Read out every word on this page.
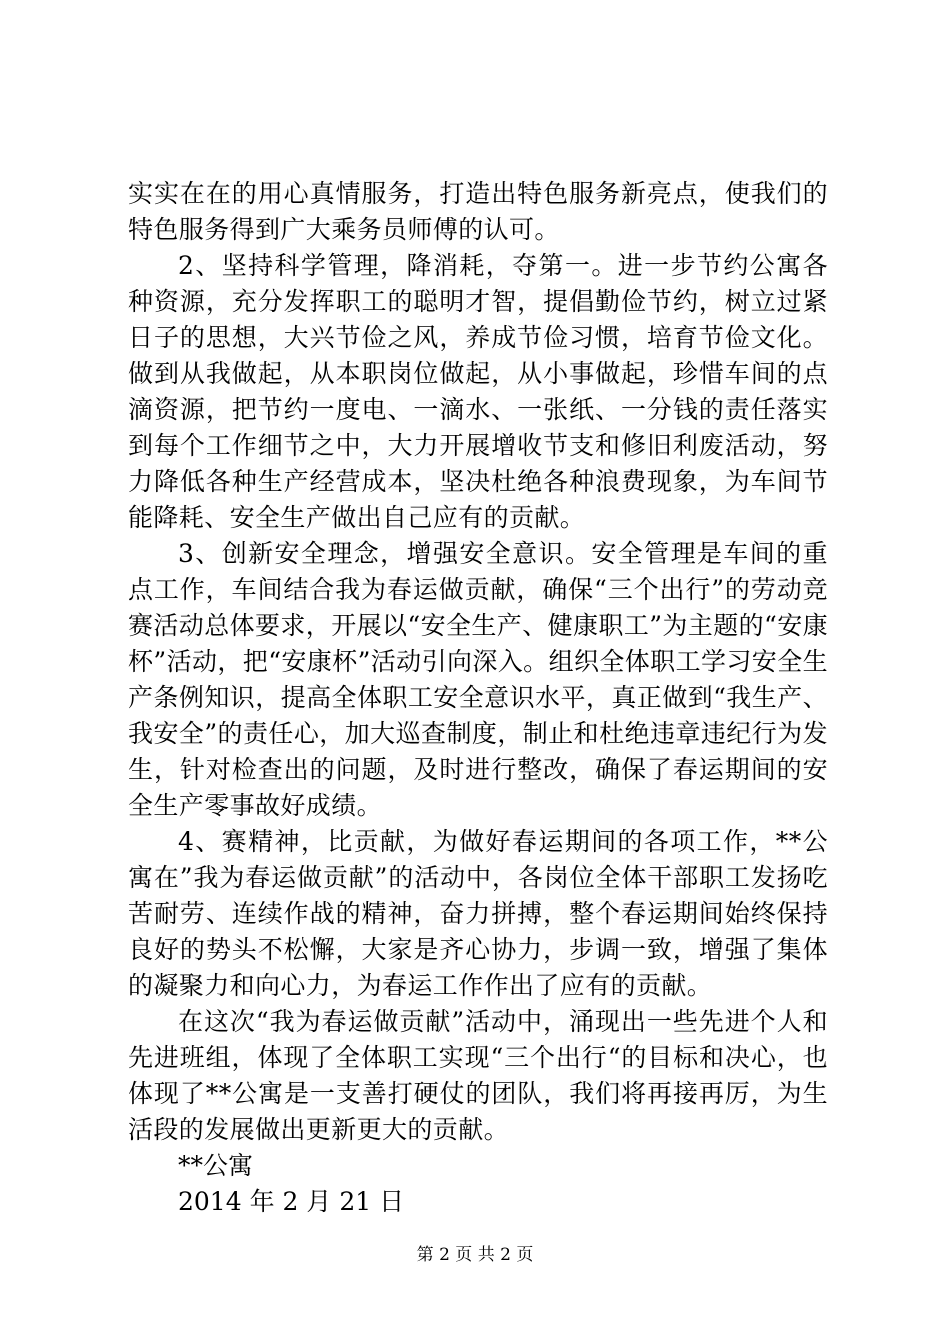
实实在在的用心真情服务，打造出特色服务新亮点，使我们的特色服务得到广大乘务员师傅的认可。

2、坚持科学管理，降消耗，夺第一。进一步节约公寓各种资源，充分发挥职工的聪明才智，提倡勤俭节约，树立过紧日子的思想，大兴节俭之风，养成节俭习惯，培育节俭文化。做到从我做起，从本职岗位做起，从小事做起，珍惜车间的点滴资源，把节约一度电、一滴水、一张纸、一分钱的责任落实到每个工作细节之中，大力开展增收节支和修旧利废活动，努力降低各种生产经营成本，坚决杜绝各种浪费现象，为车间节能降耗、安全生产做出自己应有的贡献。

3、创新安全理念，增强安全意识。安全管理是车间的重点工作，车间结合我为春运做贡献，确保“三个出行”的劳动竞赛活动总体要求，开展以“安全生产、健康职工”为主题的“安康杯”活动，把“安康杯”活动引向深入。组织全体职工学习安全生产条例知识，提高全体职工安全意识水平，真正做到“我生产、我安全”的责任心，加大巡查制度，制止和杜绝违章违纪行为发生，针对检查出的问题，及时进行整改，确保了春运期间的安全生产零事故好成绩。

4、赛精神，比贡献，为做好春运期间的各项工作，**公寓在”我为春运做贡献”的活动中，各岗位全体干部职工发扬吃苦耐劳、连续作战的精神，奋力拼搏，整个春运期间始终保持良好的势头不松懈，大家是齐心协力，步调一致，增强了集体的凝聚力和向心力，为春运工作作出了应有的贡献。

在这次“我为春运做贡献”活动中，涌现出一些先进个人和先进班组，体现了全体职工实现“三个出行“的目标和决心，也体现了**公寓是一支善打硬仗的团队，我们将再接再厉，为生活段的发展做出更新更大的贡献。

**公寓

2014 年 2 月 21 日

第 2 页 共 2 页
